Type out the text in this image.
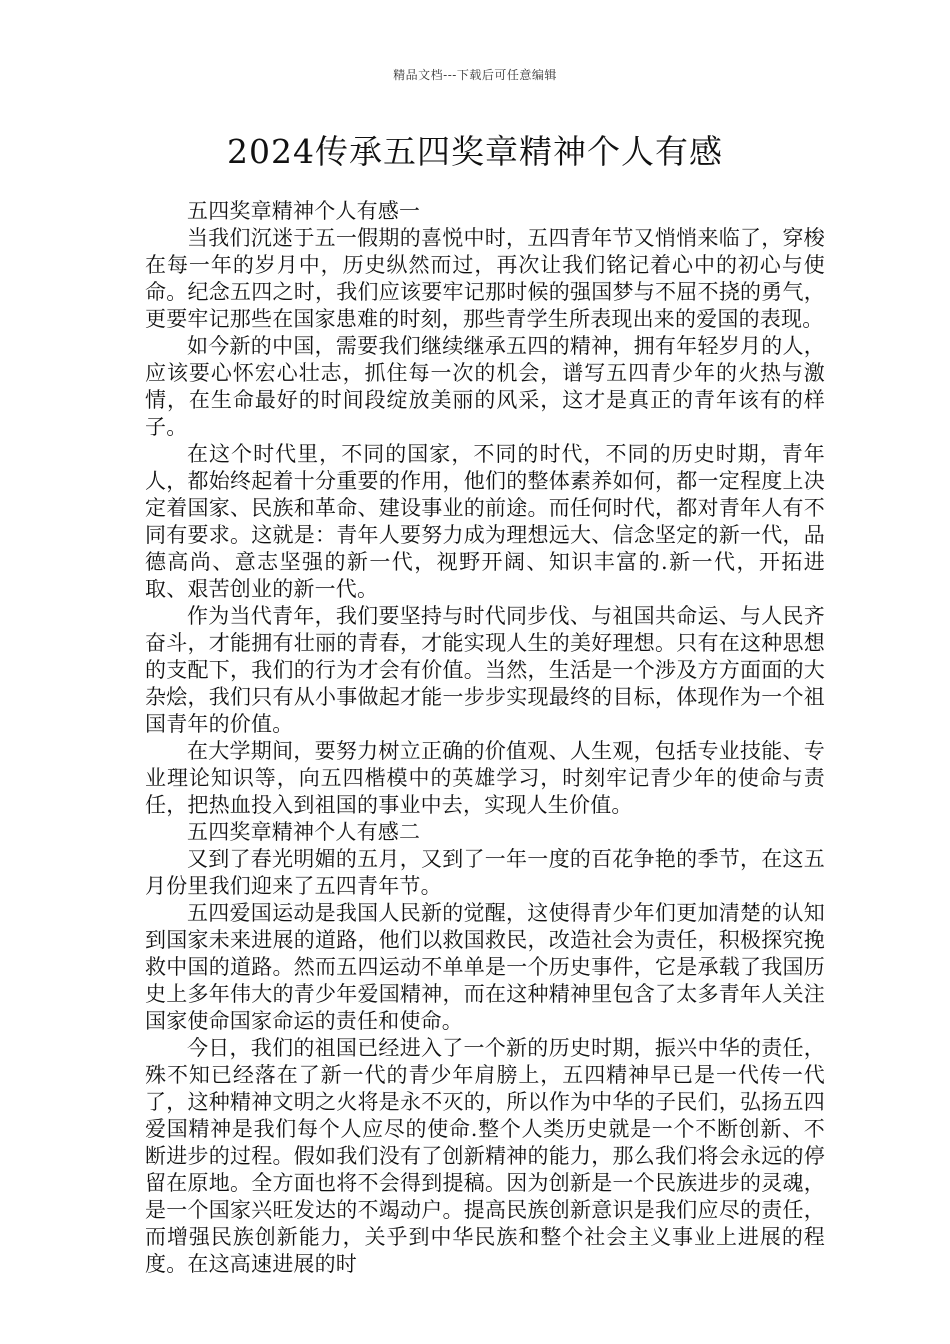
精品文档---下载后可任意编辑
2024传承五四奖章精神个人有感

五四奖章精神个人有感一

当我们沉迷于五一假期的喜悦中时，五四青年节又悄悄来临了，穿梭在每一年的岁月中，历史纵然而过，再次让我们铭记着心中的初心与使命。纪念五四之时，我们应该要牢记那时候的强国梦与不屈不挠的勇气，更要牢记那些在国家患难的时刻，那些青学生所表现出来的爱国的表现。

如今新的中国，需要我们继续继承五四的精神，拥有年轻岁月的人，应该要心怀宏心壮志，抓住每一次的机会，谱写五四青少年的火热与激情，在生命最好的时间段绽放美丽的风采，这才是真正的青年该有的样子。

在这个时代里，不同的国家，不同的时代，不同的历史时期，青年人，都始终起着十分重要的作用，他们的整体素养如何，都一定程度上决定着国家、民族和革命、建设事业的前途。而任何时代，都对青年人有不同有要求。这就是：青年人要努力成为理想远大、信念坚定的新一代，品德高尚、意志坚强的新一代，视野开阔、知识丰富的.新一代，开拓进取、艰苦创业的新一代。

作为当代青年，我们要坚持与时代同步伐、与祖国共命运、与人民齐奋斗，才能拥有壮丽的青春，才能实现人生的美好理想。只有在这种思想的支配下，我们的行为才会有价值。当然，生活是一个涉及方方面面的大杂烩，我们只有从小事做起才能一步步实现最终的目标，体现作为一个祖国青年的价值。

在大学期间，要努力树立正确的价值观、人生观，包括专业技能、专业理论知识等，向五四楷模中的英雄学习，时刻牢记青少年的使命与责任，把热血投入到祖国的事业中去，实现人生价值。

五四奖章精神个人有感二

又到了春光明媚的五月，又到了一年一度的百花争艳的季节，在这五月份里我们迎来了五四青年节。

五四爱国运动是我国人民新的觉醒，这使得青少年们更加清楚的认知到国家未来进展的道路，他们以救国救民，改造社会为责任，积极探究挽救中国的道路。然而五四运动不单单是一个历史事件，它是承载了我国历史上多年伟大的青少年爱国精神，而在这种精神里包含了太多青年人关注国家使命国家命运的责任和使命。

今日，我们的祖国已经进入了一个新的历史时期，振兴中华的责任，殊不知已经落在了新一代的青少年肩膀上，五四精神早已是一代传一代了，这种精神文明之火将是永不灭的，所以作为中华的子民们，弘扬五四爱国精神是我们每个人应尽的使命.整个人类历史就是一个不断创新、不断进步的过程。假如我们没有了创新精神的能力，那么我们将会永远的停留在原地。全方面也将不会得到提稿。因为创新是一个民族进步的灵魂，是一个国家兴旺发达的不竭动户。提高民族创新意识是我们应尽的责任，而增强民族创新能力，关乎到中华民族和整个社会主义事业上进展的程度。在这高速进展的时
